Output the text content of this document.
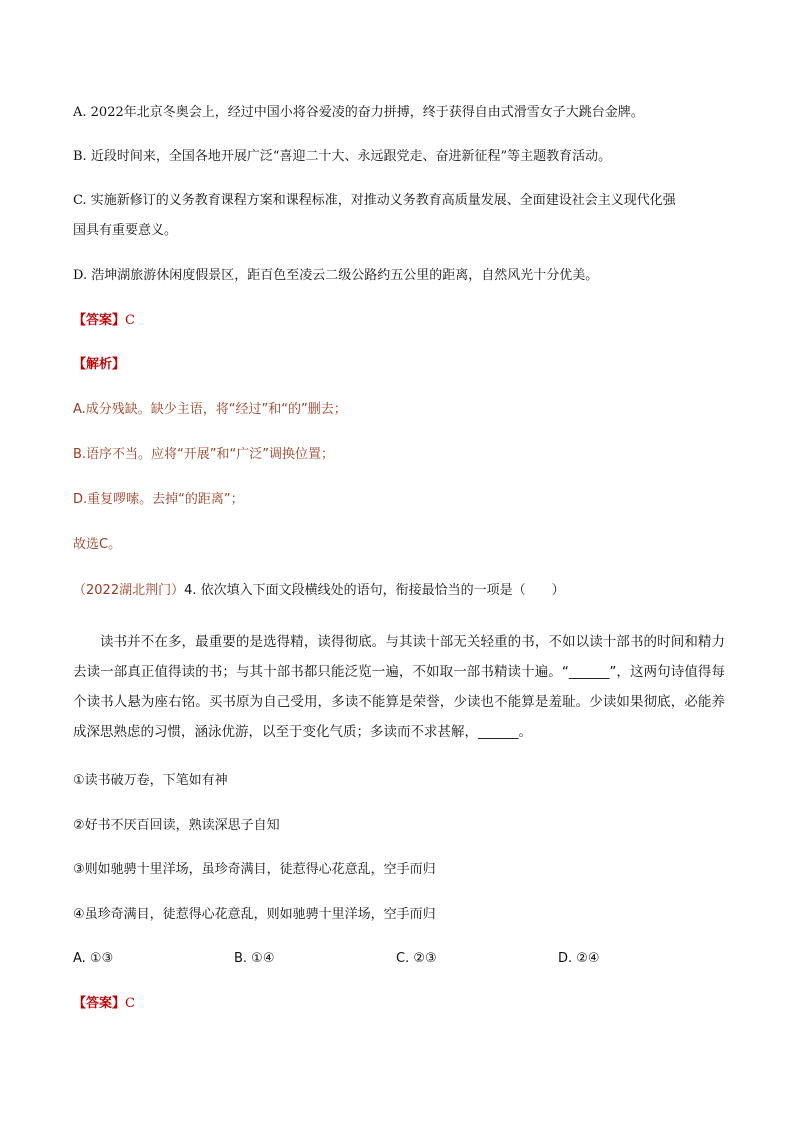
A. 2022年北京冬奥会上，经过中国小将谷爱凌的奋力拼搏，终于获得自由式滑雪女子大跳台金牌。
B. 近段时间来，全国各地开展广泛“喜迎二十大、永远跟党走、奋进新征程”等主题教育活动。
C. 实施新修订的义务教育课程方案和课程标准，对推动义务教育高质量发展、全面建设社会主义现代化强
国具有重要意义。
D. 浩坤湖旅游休闲度假景区，距百色至凌云二级公路约五公里的距离，自然风光十分优美。
【答案】C
【解析】
A.成分残缺。缺少主语，将“经过”和“的”删去；
B.语序不当。应将“开展”和“广泛”调换位置；
D.重复啰嗦。去掉“的距离”；
故选C。
（2022湖北荆门）4. 依次填入下面文段横线处的语句，衔接最恰当的一项是（　　）
读书并不在多，最重要的是选得精，读得彻底。与其读十部无关轻重的书，不如以读十部书的时间和精力去读一部真正值得读的书；与其十部书都只能泛览一遍，不如取一部书精读十遍。“______”，这两句诗值得每个读书人悬为座右铭。买书原为自己受用，多读不能算是荣誉，少读也不能算是羞耻。少读如果彻底，必能养成深思熟虑的习惯，涵泳优游，以至于变化气质；多读而不求甚解，______。
①读书破万卷，下笔如有神
②好书不厌百回读，熟读深思子自知
③则如驰骋十里洋场，虽珍奇满目，徒惹得心花意乱，空手而归
④虽珍奇满目，徒惹得心花意乱，则如驰骋十里洋场，空手而归
A. ①③	B. ①④	C. ②③	D. ②④
【答案】C
